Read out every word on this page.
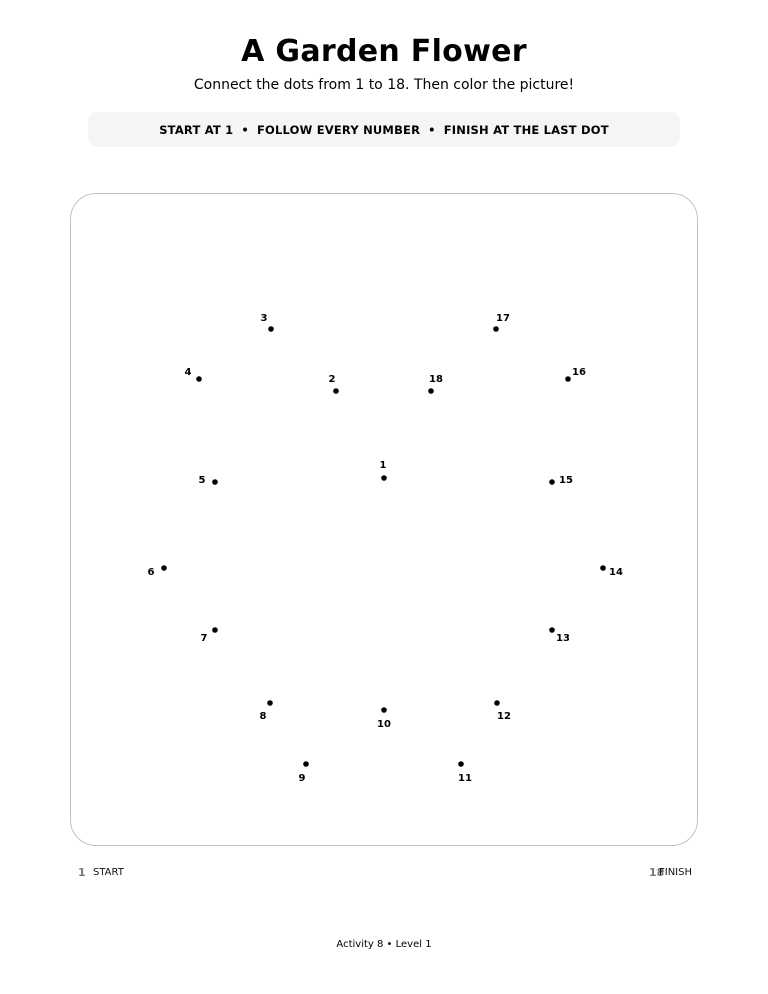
A Garden Flower
Connect the dots from 1 to 18. Then color the picture!
START AT 1 • FOLLOW EVERY NUMBER • FINISH AT THE LAST DOT
1
2
3
4
5
6
7
8
9
10
11
12
13
14
15
16
17
18
1 START	18
FINISH
Activity 8 • Level 1
